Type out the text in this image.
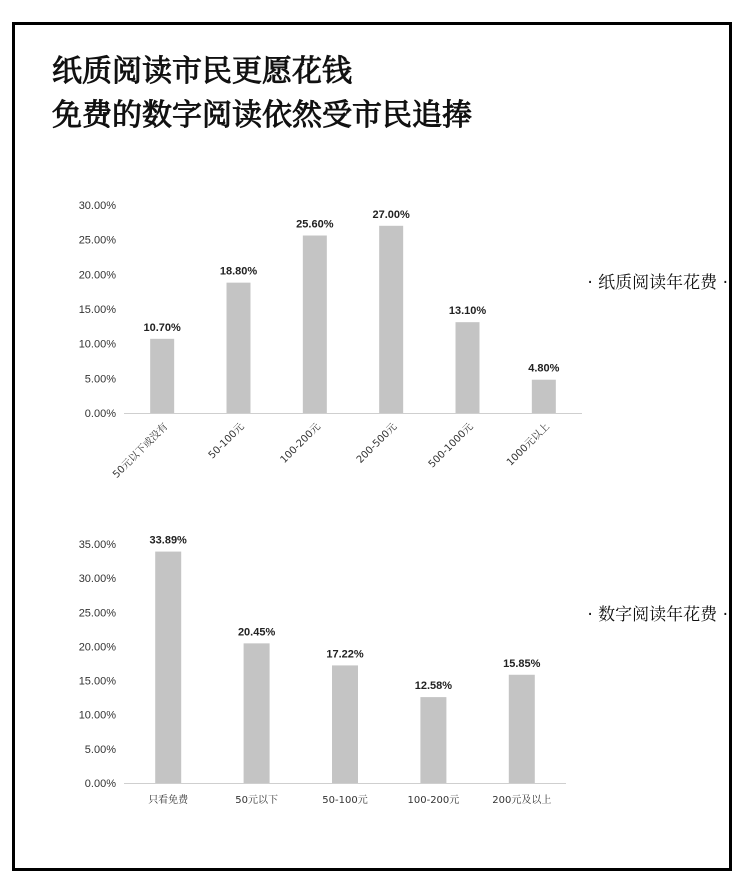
纸质阅读市民更愿花钱
免费的数字阅读依然受市民追捧
0.00%
5.00%
10.00%
15.00%
20.00%
25.00%
30.00%
10.70%
50元以下或没有
18.80%
50-100元
25.60%
100-200元
27.00%
200-500元
13.10%
500-1000元
4.80%
1000元以上
0.00%
5.00%
10.00%
15.00%
20.00%
25.00%
30.00%
35.00%	33.89%
只看免费
20.45%
50元以下
17.22%
50-100元
12.58%
100-200元
15.85%
200元及以上
· 纸质阅读年花费 ·
· 数字阅读年花费 ·
